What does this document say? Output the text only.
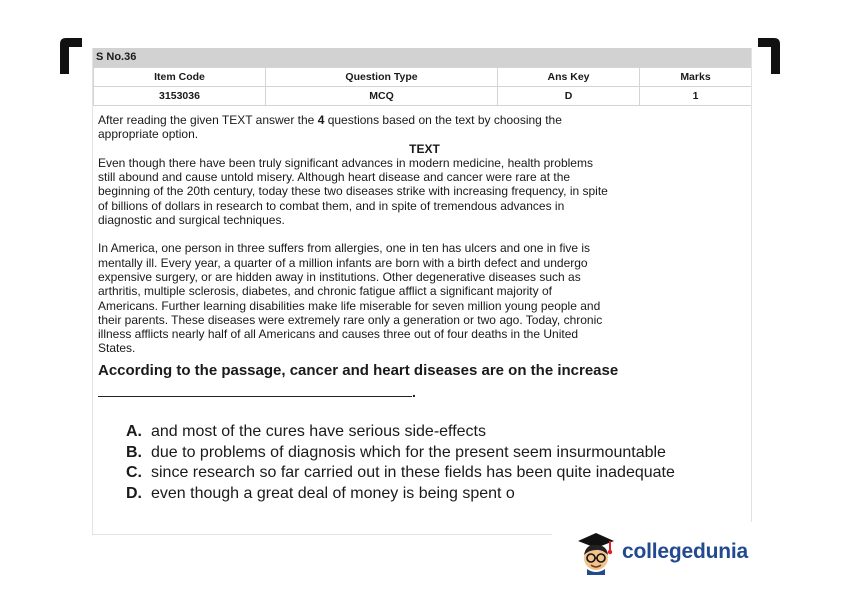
S No.36
Item Code	Question Type	Ans Key	Marks
3153036	MCQ	D	1

After reading the given TEXT answer the 4 questions based on the text by choosing the appropriate option.

TEXT

Even though there have been truly significant advances in modern medicine, health problems still abound and cause untold misery. Although heart disease and cancer were rare at the beginning of the 20th century, today these two diseases strike with increasing frequency, in spite of billions of dollars in research to combat them, and in spite of tremendous advances in diagnostic and surgical techniques.

In America, one person in three suffers from allergies, one in ten has ulcers and one in five is mentally ill. Every year, a quarter of a million infants are born with a birth defect and undergo expensive surgery, or are hidden away in institutions. Other degenerative diseases such as arthritis, multiple sclerosis, diabetes, and chronic fatigue afflict a significant majority of Americans. Further learning disabilities make life miserable for seven million young people and their parents. These diseases were extremely rare only a generation or two ago. Today, chronic illness afflicts nearly half of all Americans and causes three out of four deaths in the United States.

According to the passage, cancer and heart diseases are on the increase

.

A. and most of the cures have serious side-effects
B. due to problems of diagnosis which for the present seem insurmountable
C. since research so far carried out in these fields has been quite inadequate
D. even though a great deal of money is being spent o
collegedunia
